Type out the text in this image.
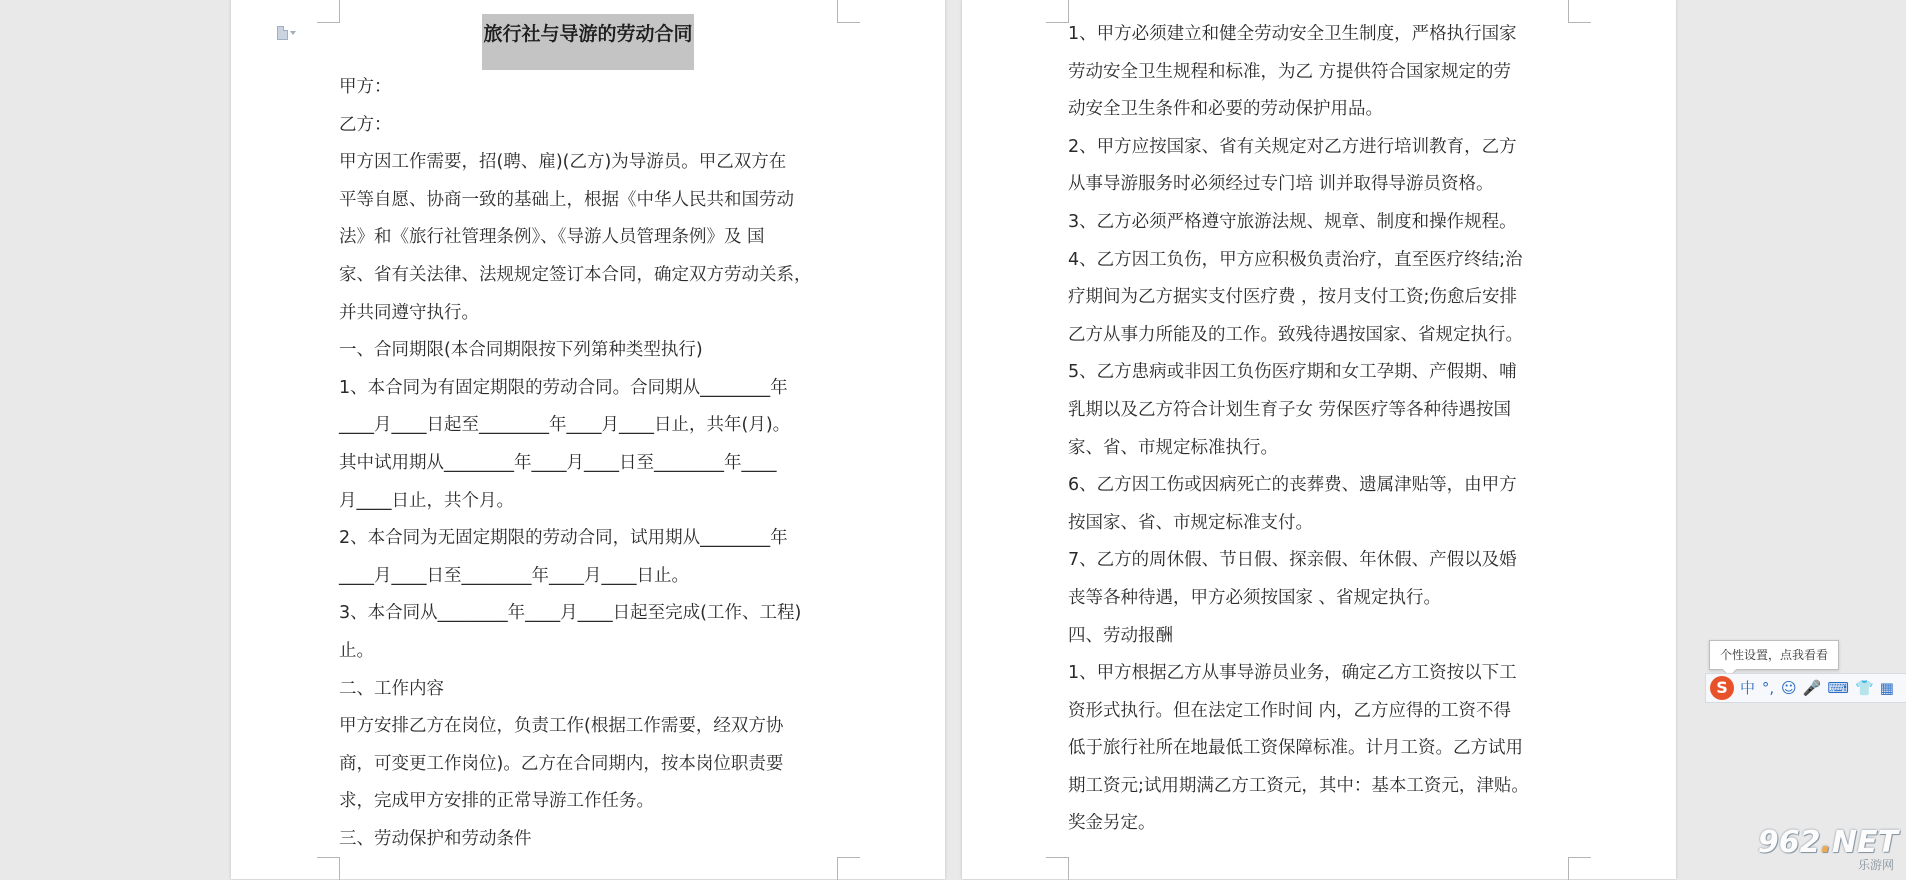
旅行社与导游的劳动合同

甲方：

乙方：

甲方因工作需要，招(聘、雇)(乙方)为导游员。甲乙双方在

平等自愿、协商一致的基础上，根据《中华人民共和国劳动

法》和《旅行社管理条例》、《导游人员管理条例》及 国

家、省有关法律、法规规定签订本合同，确定双方劳动关系，

并共同遵守执行。

一、合同期限(本合同期限按下列第种类型执行)

1、本合同为有固定期限的劳动合同。合同期从________年

____月____日起至________年____月____日止，共年(月)。

其中试用期从________年____月____日至________年____

月____日止，共个月。

2、本合同为无固定期限的劳动合同，试用期从________年

____月____日至________年____月____日止。

3、本合同从________年____月____日起至完成(工作、工程)

止。

二、工作内容

甲方安排乙方在岗位，负责工作(根据工作需要，经双方协

商，可变更工作岗位)。乙方在合同期内，按本岗位职责要

求，完成甲方安排的正常导游工作任务。

三、劳动保护和劳动条件

1、甲方必须建立和健全劳动安全卫生制度，严格执行国家

劳动安全卫生规程和标准，为乙 方提供符合国家规定的劳

动安全卫生条件和必要的劳动保护用品。

2、甲方应按国家、省有关规定对乙方进行培训教育，乙方

从事导游服务时必须经过专门培 训并取得导游员资格。

3、乙方必须严格遵守旅游法规、规章、制度和操作规程。

4、乙方因工负伤，甲方应积极负责治疗，直至医疗终结;治

疗期间为乙方据实支付医疗费 ，按月支付工资;伤愈后安排

乙方从事力所能及的工作。致残待遇按国家、省规定执行。

5、乙方患病或非因工负伤医疗期和女工孕期、产假期、哺

乳期以及乙方符合计划生育子女 劳保医疗等各种待遇按国

家、省、市规定标准执行。

6、乙方因工伤或因病死亡的丧葬费、遗属津贴等，由甲方

按国家、省、市规定标准支付。

7、乙方的周休假、节日假、探亲假、年休假、产假以及婚

丧等各种待遇，甲方必须按国家 、省规定执行。

四、劳动报酬

1、甲方根据乙方从事导游员业务，确定乙方工资按以下工

资形式执行。但在法定工作时间 内，乙方应得的工资不得

低于旅行社所在地最低工资保障标准。计月工资。乙方试用

期工资元;试用期满乙方工资元，其中：基本工资元，津贴。

奖金另定。

个性设置，点我看看
S 中 °, ☺ 🎤 ⌨ 👕 ▦
962.NET
乐游网
